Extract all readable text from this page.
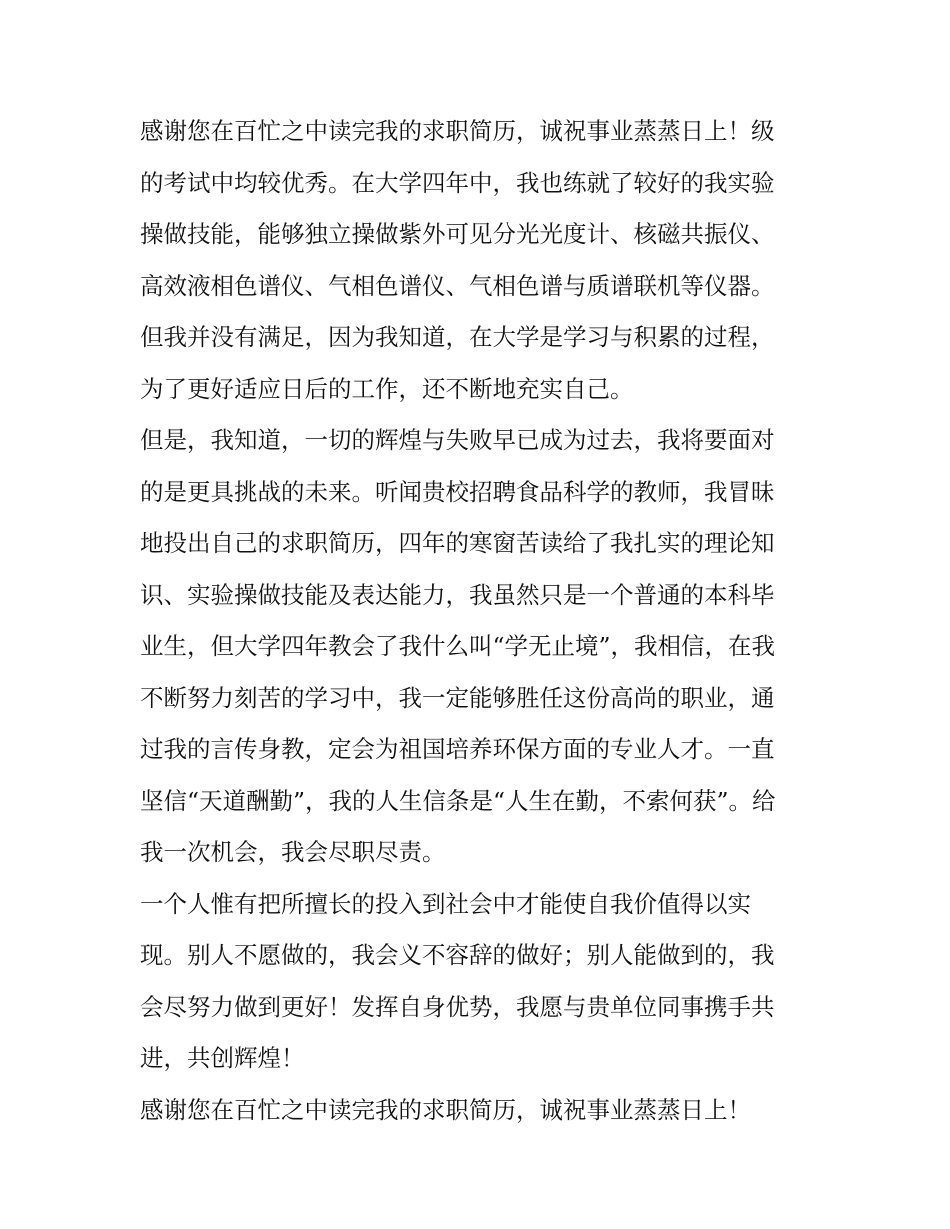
感谢您在百忙之中读完我的求职简历，诚祝事业蒸蒸日上！级
的考试中均较优秀。在大学四年中，我也练就了较好的我实验
操做技能，能够独立操做紫外可见分光光度计、核磁共振仪、
高效液相色谱仪、气相色谱仪、气相色谱与质谱联机等仪器。
但我并没有满足，因为我知道，在大学是学习与积累的过程，
为了更好适应日后的工作，还不断地充实自己。
但是，我知道，一切的辉煌与失败早已成为过去，我将要面对
的是更具挑战的未来。听闻贵校招聘食品科学的教师，我冒昧
地投出自己的求职简历，四年的寒窗苦读给了我扎实的理论知
识、实验操做技能及表达能力，我虽然只是一个普通的本科毕
业生，但大学四年教会了我什么叫“学无止境”，我相信，在我
不断努力刻苦的学习中，我一定能够胜任这份高尚的职业，通
过我的言传身教，定会为祖国培养环保方面的专业人才。一直
坚信“天道酬勤”，我的人生信条是“人生在勤，不索何获”。给
我一次机会，我会尽职尽责。
一个人惟有把所擅长的投入到社会中才能使自我价值得以实
现。别人不愿做的，我会义不容辞的做好；别人能做到的，我
会尽努力做到更好！发挥自身优势，我愿与贵单位同事携手共
进，共创辉煌！
感谢您在百忙之中读完我的求职简历，诚祝事业蒸蒸日上！
